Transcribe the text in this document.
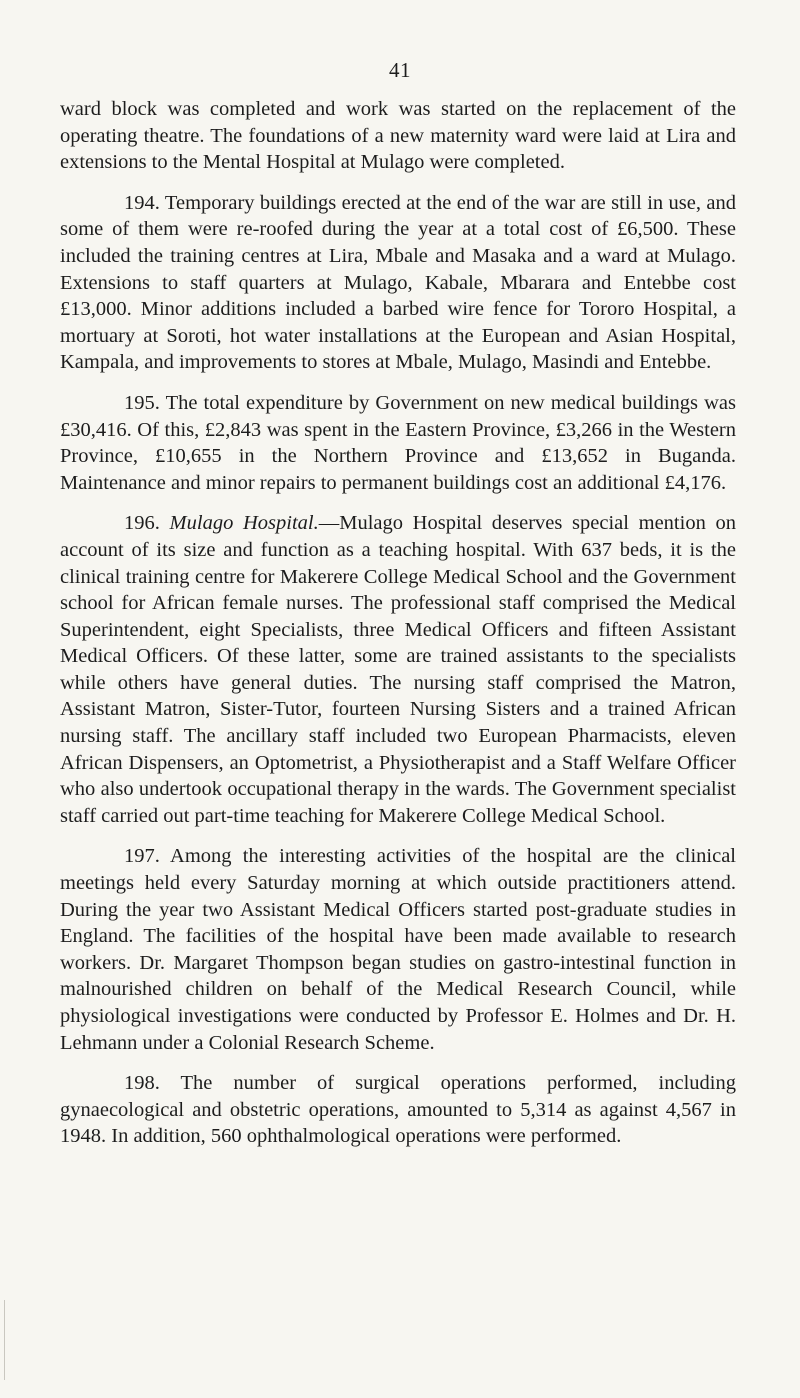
41

ward block was completed and work was started on the replacement of the operating theatre. The foundations of a new maternity ward were laid at Lira and extensions to the Mental Hospital at Mulago were completed.

194. Temporary buildings erected at the end of the war are still in use, and some of them were re-roofed during the year at a total cost of £6,500. These included the training centres at Lira, Mbale and Masaka and a ward at Mulago. Extensions to staff quarters at Mulago, Kabale, Mbarara and Entebbe cost £13,000. Minor additions included a barbed wire fence for Tororo Hospital, a mortuary at Soroti, hot water installations at the European and Asian Hospital, Kampala, and improvements to stores at Mbale, Mulago, Masindi and Entebbe.

195. The total expenditure by Government on new medical buildings was £30,416. Of this, £2,843 was spent in the Eastern Province, £3,266 in the Western Province, £10,655 in the Northern Province and £13,652 in Buganda. Maintenance and minor repairs to permanent buildings cost an additional £4,176.

196. Mulago Hospital.—Mulago Hospital deserves special mention on account of its size and function as a teaching hospital. With 637 beds, it is the clinical training centre for Makerere College Medical School and the Government school for African female nurses. The professional staff comprised the Medical Superintendent, eight Specialists, three Medical Officers and fifteen Assistant Medical Officers. Of these latter, some are trained assistants to the specialists while others have general duties. The nursing staff comprised the Matron, Assistant Matron, Sister-Tutor, fourteen Nursing Sisters and a trained African nursing staff. The ancillary staff included two European Pharmacists, eleven African Dispensers, an Optometrist, a Physiotherapist and a Staff Welfare Officer who also undertook occupational therapy in the wards. The Government specialist staff carried out part-time teaching for Makerere College Medical School.

197. Among the interesting activities of the hospital are the clinical meetings held every Saturday morning at which outside practitioners attend. During the year two Assistant Medical Officers started post-graduate studies in England. The facilities of the hospital have been made available to research workers. Dr. Margaret Thompson began studies on gastro-intestinal function in malnourished children on behalf of the Medical Research Council, while physiological investigations were conducted by Professor E. Holmes and Dr. H. Lehmann under a Colonial Research Scheme.

198. The number of surgical operations performed, including gynaecological and obstetric operations, amounted to 5,314 as against 4,567 in 1948. In addition, 560 ophthalmological operations were performed.
